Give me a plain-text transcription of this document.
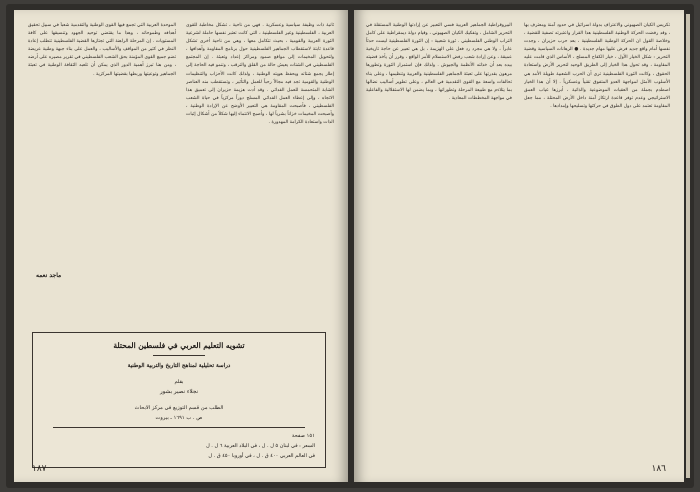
ثانية ذات وظيفة سياسية وعسكرية . فهي من ناحية ، تشكل مخاطبة للقوى العربية ، الفلسطينية وغير الفلسطينية ، التي كانت تعتبر نفسها حاملة لشرعية الثورة العربية والقومية ، بحيث تتكامل معها ، وهي من ناحية أخرى تشكل قاعدة ثابتة لاستقطاب الجماهير الفلسطينية حول برنامج المقاومة وأهدافها ، ولتحويل المخيمات إلى مواقع صمود ومراكز إعداد وتعبئة . إن المجتمع الفلسطيني في الشتات يعيش حالة من القلق والترقب ، وتنمو فيه الحاجة إلى إطار يجمع شتاته ويحفظ هويته الوطنية ، ولذلك كانت الأحزاب والتنظيمات الوطنية والقومية تجد فيه مجالاً رحباً للعمل والتأثير ، وتستقطب منه العناصر الشابة المتحمسة للعمل الفدائي . وقد أدت هزيمة حزيران إلى تعميق هذا الاتجاه ، وإلى إعطاء العمل الفدائي المسلح دوراً مركزياً في حياة الشعب الفلسطيني ، فأصبحت المقاومة هي التعبير الأوضح عن الإرادة الوطنية ، وأصبحت المخيمات خزاناً بشرياً لها ، وأصبح الانتماء إليها شكلاً من أشكال إثبات الذات واستعادة الكرامة المهدورة .

الموحدة العربية التي تجمع فيها القوى الوطنية والتقدمية شعباً في سبيل تحقيق أهدافه وطموحاته ، وهذا ما يقتضي توحيد الجهود وتنسيقها على كافة المستويات . إن المرحلة الراهنة التي تجتازها القضية الفلسطينية تتطلب إعادة النظر في كثير من المواقف والأساليب ، والعمل على بناء جبهة وطنية عريضة تضم جميع القوى المؤمنة بحق الشعب الفلسطيني في تقرير مصيره على أرضه ، ومن هنا تبرز أهمية الدور الذي يمكن أن تلعبه الثقافة الوطنية في تعبئة الجماهير وتوعيتها وربطها بقضيتها المركزية .

ماجد نعمه
تشويه التعليم العربي في فلسطين المحتلة
دراسة تحليلية لمناهج التاريخ والتربية الوطنية
بقلم
نجلاء نصير بشور
الطلب من قسم التوزيع في مركز الابحاث
ص . ب ١٦٩١ ـ بيروت
١٥١ صفحة
السعر : في لبنان ٥ ل . ل ، في البلاد العربية ٦ ل . ل
في العالم العربي ٤٠٠ ق . ل ، في أوروبا ٤٥٠ ق . ل
١٨٧

تكريس الكيان الصهيوني والاعتراف بدولة اسرائيل في حدود آمنة ومعترف بها ، وقد رفضت الحركة الوطنية الفلسطينية هذا القرار واعتبرته تصفية للقضية ، وخلاصة القول ان الحركة الوطنية الفلسطينية ، بعد حرب حزيران ، وجدت نفسها أمام واقع جديد فرض عليها مهام جديدة . ● الرهانات السياسية وقضية التحرير : شكل الخيار الأول ، خيار الكفاح المسلح ، الأساس الذي قامت عليه المقاومة ، وقد تحول هذا الخيار إلى الطريق الوحيد لتحرير الأرض واستعادة الحقوق ، وكانت الثورة الفلسطينية ترى أن الحرب الشعبية طويلة الأمد هي الأسلوب الأمثل لمواجهة العدو المتفوق تقنياً وعسكرياً . إلا أن هذا الخيار اصطدم بجملة من العقبات الموضوعية والذاتية ، أبرزها غياب العمق الاستراتيجي وعدم توفر قاعدة ارتكاز آمنة داخل الأرض المحتلة ، مما جعل المقاومة تعتمد على دول الطوق في حركتها وتسليحها وإمدادها .

البيروقراطية الجماهير العربية فسي التعبير عن إرادتها الوطنية المستقلة في التحرير الشامل ، وتفكيك الكيان الصهيوني ، وقيام دولة ديمقراطية على كامل التراب الوطني الفلسطيني . ثورة شعبية : إن الثورة الفلسطينية ليست حدثاً عابراً ، ولا هي مجرد رد فعل على الهزيمة ، بل هي تعبير عن حاجة تاريخية عميقة ، وعن إرادة شعب رفض الاستسلام للأمر الواقع ، وقرر أن يأخذ قضيته بيده بعد أن خذلته الأنظمة والجيوش . ولذلك فإن استمرار الثورة وتطورها مرهون بقدرتها على تعبئة الجماهير الفلسطينية والعربية وتنظيمها ، وعلى بناء تحالفات واسعة مع القوى التقدمية في العالم ، وعلى تطوير أساليب نضالها بما يتلاءم مع طبيعة المرحلة وتطوراتها ، وبما يضمن لها الاستقلالية والفاعلية في مواجهة المخططات المعادية .

١٨٦
